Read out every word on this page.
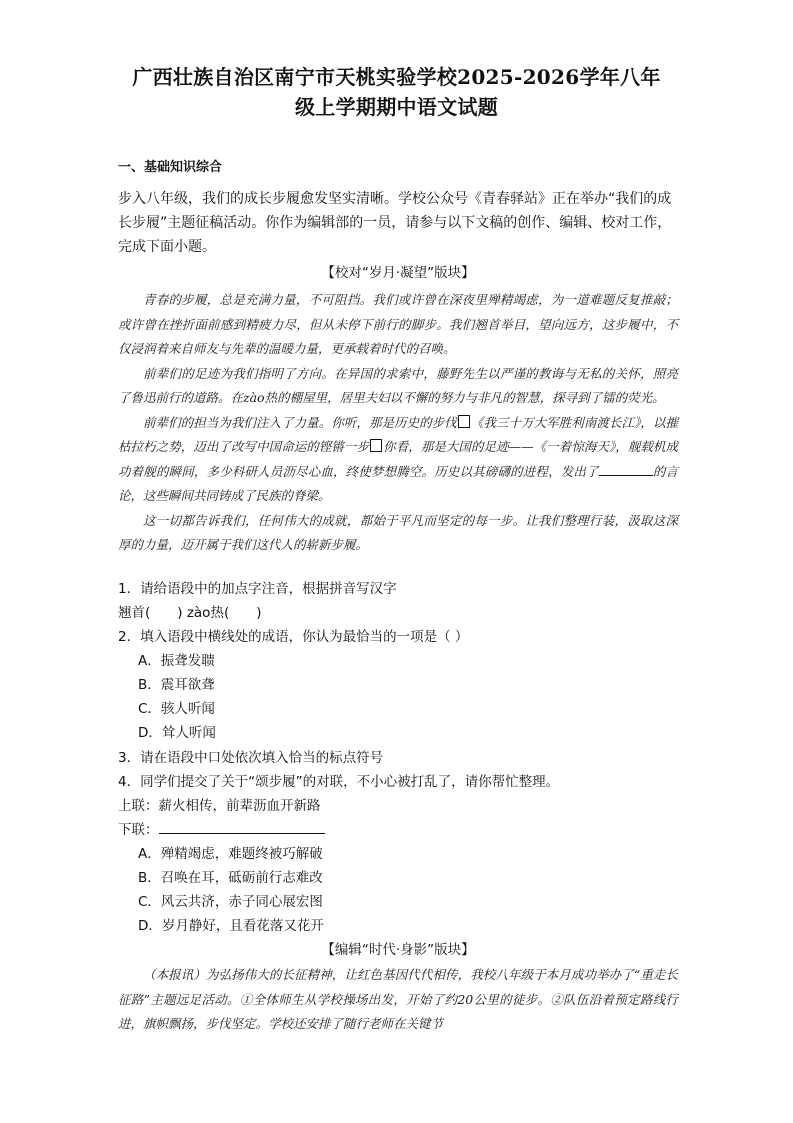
广西壮族自治区南宁市天桃实验学校2025-2026学年八年
级上学期期中语文试题
一、基础知识综合
步入八年级，我们的成长步履愈发坚实清晰。学校公众号《青春驿站》正在举办“我们的成长步履”主题征稿活动。你作为编辑部的一员，请参与以下文稿的创作、编辑、校对工作，完成下面小题。
【校对“岁月·凝望”版块】

青春的步履，总是充满力量，不可阻挡。我们或许曾在深夜里殚精竭虑，为一道难题反复推敲；或许曾在挫折面前感到精疲力尽，但从未停下前行的脚步。我们翘首举目，望向远方，这步履中，不仅浸润着来自师友与先辈的温暖力量，更承载着时代的召唤。

前辈们的足迹为我们指明了方向。在异国的求索中，藤野先生以严谨的教诲与无私的关怀，照亮了鲁迅前行的道路。在zào热的棚屋里，居里夫妇以不懈的努力与非凡的智慧，探寻到了镭的荧光。

前辈们的担当为我们注入了力量。你听，那是历史的步伐 《我三十万大军胜利南渡长江》，以摧枯拉朽之势，迈出了改写中国命运的铿锵一步 你看，那是大国的足迹——《一着惊海天》，舰载机成功着舰的瞬间，多少科研人员沥尽心血，终使梦想腾空。历史以其磅礴的进程，发出了	的言论，这些瞬间共同铸成了民族的脊梁。

这一切都告诉我们，任何伟大的成就，都始于平凡而坚定的每一步。让我们整理行装，汲取这深厚的力量，迈开属于我们这代人的崭新步履。

1．请给语段中的加点字注音，根据拼音写汉字
翘首(　　) zào热(　　)
2．填入语段中横线处的成语，你认为最恰当的一项是（ ）
A．振聋发聩
B．震耳欲聋
C．骇人听闻
D．耸人听闻
3．请在语段中口处依次填入恰当的标点符号
4．同学们提交了关于“颂步履”的对联，不小心被打乱了，请你帮忙整理。
上联：薪火相传，前辈沥血开新路
下联：
A．殚精竭虑，难题终被巧解破
B．召唤在耳，砥砺前行志难改
C．风云共济，赤子同心展宏图
D．岁月静好，且看花落又花开
【编辑“时代·身影”版块】

（本报讯）为弘扬伟大的长征精神，让红色基因代代相传，我校八年级于本月成功举办了“重走长征路”主题远足活动。①全体师生从学校操场出发，开始了约20公里的徒步。②队伍沿着预定路线行进，旗帜飘扬，步伐坚定。学校还安排了随行老师在关键节
